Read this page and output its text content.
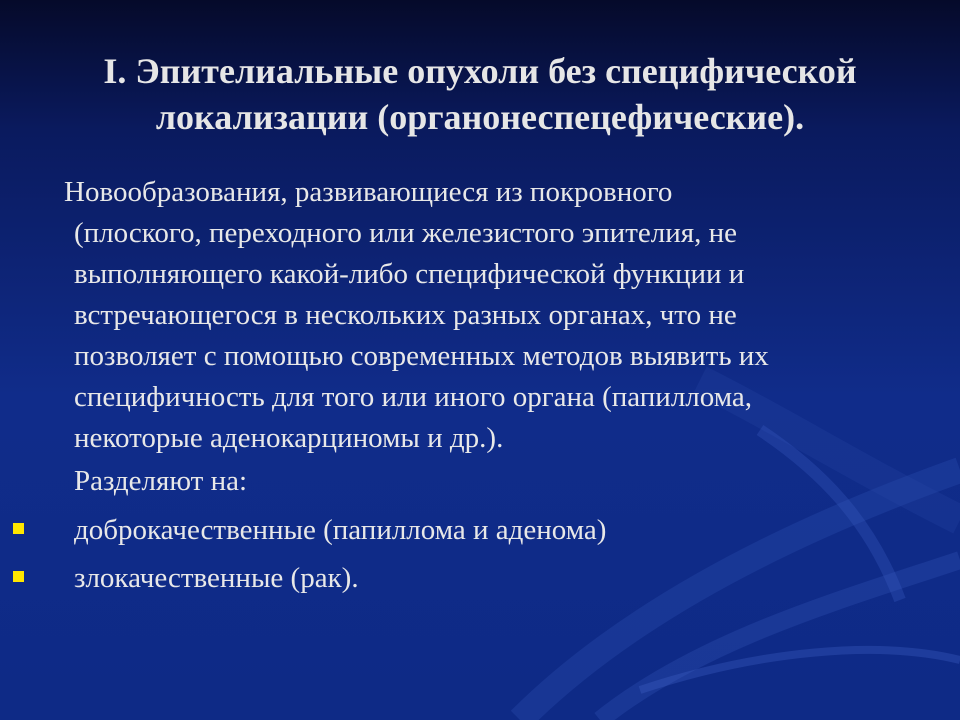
I. Эпителиальные опухоли без специфической
локализации (органонеспецефические).
Новообразования, развивающиеся из покровного
(плоского, переходного или железистого эпителия, не
выполняющего какой-либо специфической функции и
встречающегося в нескольких разных органах, что не
позволяет с помощью современных методов выявить их
специфичность для того или иного органа (папиллома,
некоторые аденокарциномы и др.).
Разделяют на:
доброкачественные (папиллома и аденома)
злокачественные (рак).
